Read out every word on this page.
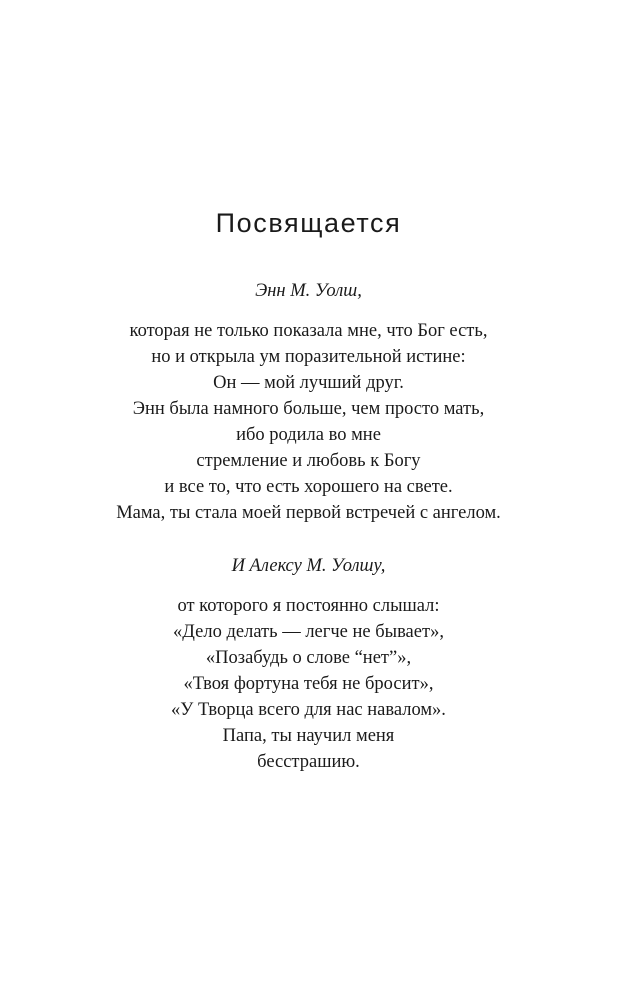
Посвящается
Энн М. Уолш,
которая не только показала мне, что Бог есть,
но и открыла ум поразительной истине:
Он — мой лучший друг.
Энн была намного больше, чем просто мать,
ибо родила во мне
стремление и любовь к Богу
и все то, что есть хорошего на свете.
Мама, ты стала моей первой встречей с ангелом.
И Алексу М. Уолшу,
от которого я постоянно слышал:
«Дело делать — легче не бывает»,
«Позабудь о слове “нет”»,
«Твоя фортуна тебя не бросит»,
«У Творца всего для нас навалом».
Папа, ты научил меня
бесстрашию.
